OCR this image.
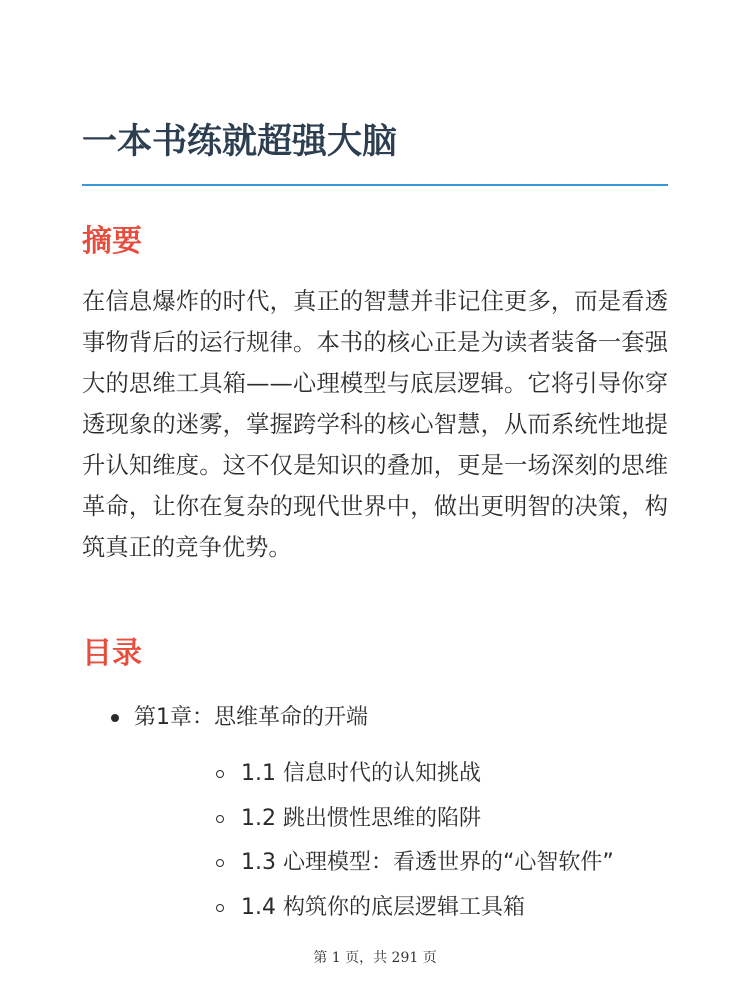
一本书练就超强大脑
摘要

在信息爆炸的时代，真正的智慧并非记住更多，而是看透事物背后的运行规律。本书的核心正是为读者装备一套强大的思维工具箱——心理模型与底层逻辑。它将引导你穿透现象的迷雾，掌握跨学科的核心智慧，从而系统性地提升认知维度。这不仅是知识的叠加，更是一场深刻的思维革命，让你在复杂的现代世界中，做出更明智的决策，构筑真正的竞争优势。

目录
第1章：思维革命的开端
1.1 信息时代的认知挑战
1.2 跳出惯性思维的陷阱
1.3 心理模型：看透世界的“心智软件”
1.4 构筑你的底层逻辑工具箱
第 1 页，共 291 页
